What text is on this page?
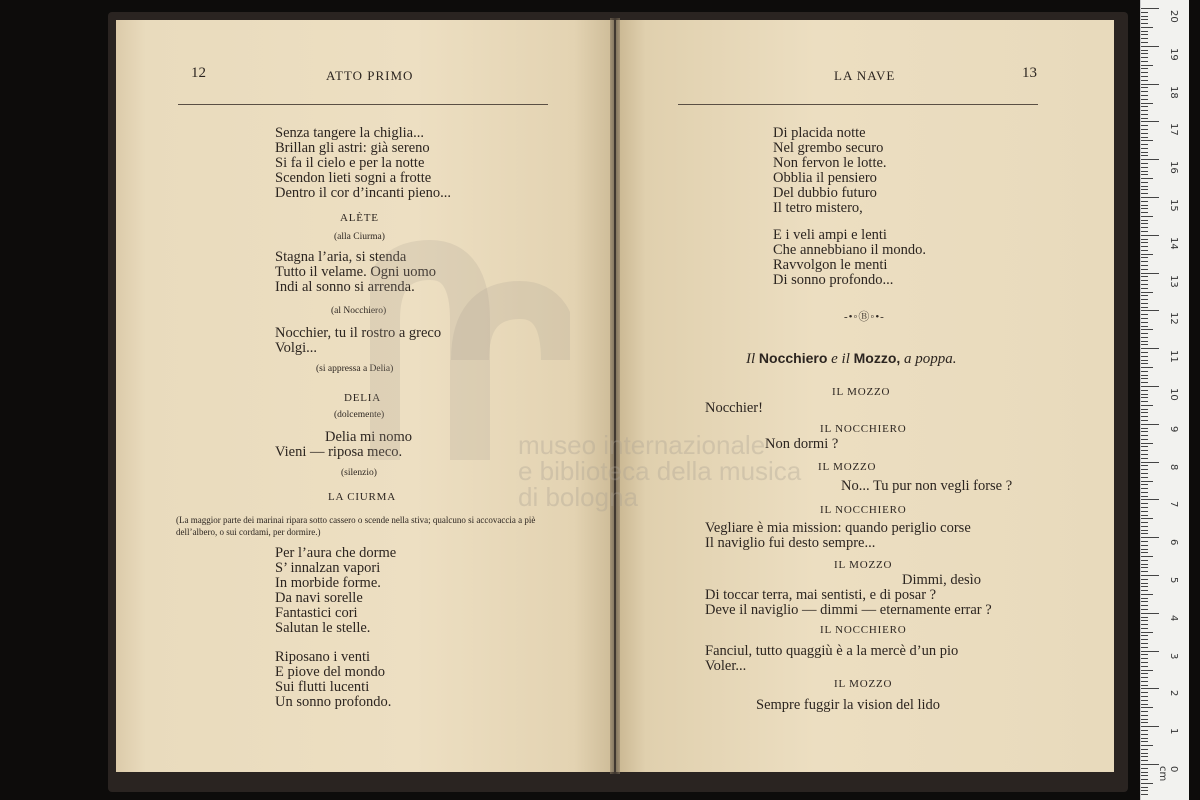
12	ATTO PRIMO
Senza tangere la chiglia...
Brillan gli astri: già sereno
Si fa il cielo e per la notte
Scendon lieti sogni a frotte
Dentro il cor d’incanti pieno...
ALÈTE
(alla Ciurma)
Stagna l’aria, si stenda
Tutto il velame. Ogni uomo
Indi al sonno si arrenda.
(al Nocchiero)
Nocchier, tu il rostro a greco
Volgi...
(si appressa a Delia)
DELIA
(dolcemente)
Delia mi nomo
Vieni — riposa meco.
(silenzio)
LA CIURMA
(La maggior parte dei marinai ripara sotto cassero o scende nella stiva; qualcuno si accovaccia a piè dell’albero, o sui cordami, per dormire.)
Per l’aura che dorme
S’ innalzan vapori
In morbide forme.
Da navi sorelle
Fantastici cori
Salutan le stelle.
Riposano i venti
E piove del mondo
Sui flutti lucenti
Un sonno profondo.
LA NAVE	13
Di placida notte
Nel grembo securo
Non fervon le lotte.
Obblia il pensiero
Del dubbio futuro
Il tetro mistero,
E i veli ampi e lenti
Che annebbiano il mondo.
Ravvolgon le menti
Di sonno profondo...
-•◦Ⓑ◦•-
Il Nocchiero e il Mozzo, a poppa.
IL MOZZO
Nocchier!
IL NOCCHIERO
Non dormi ?
IL MOZZO
No... Tu pur non vegli forse ?
IL NOCCHIERO
Vegliare è mia mission: quando periglio corse
Il naviglio fui desto sempre...
IL MOZZO
Dimmi, desìo
Di toccar terra, mai sentisti, e di posar ?
Deve il naviglio — dimmi — eternamente errar ?
IL NOCCHIERO
Fanciul, tutto quaggiù è a la mercè d’un pio
Voler...
IL MOZZO
Sempre fuggir la vision del lido
museo internazionale
e biblioteca della musica
di bologna
20
19
18
17
16
15
14
13
12
11
10
9
8
7
6
5
4
3
2
1
0 cm
